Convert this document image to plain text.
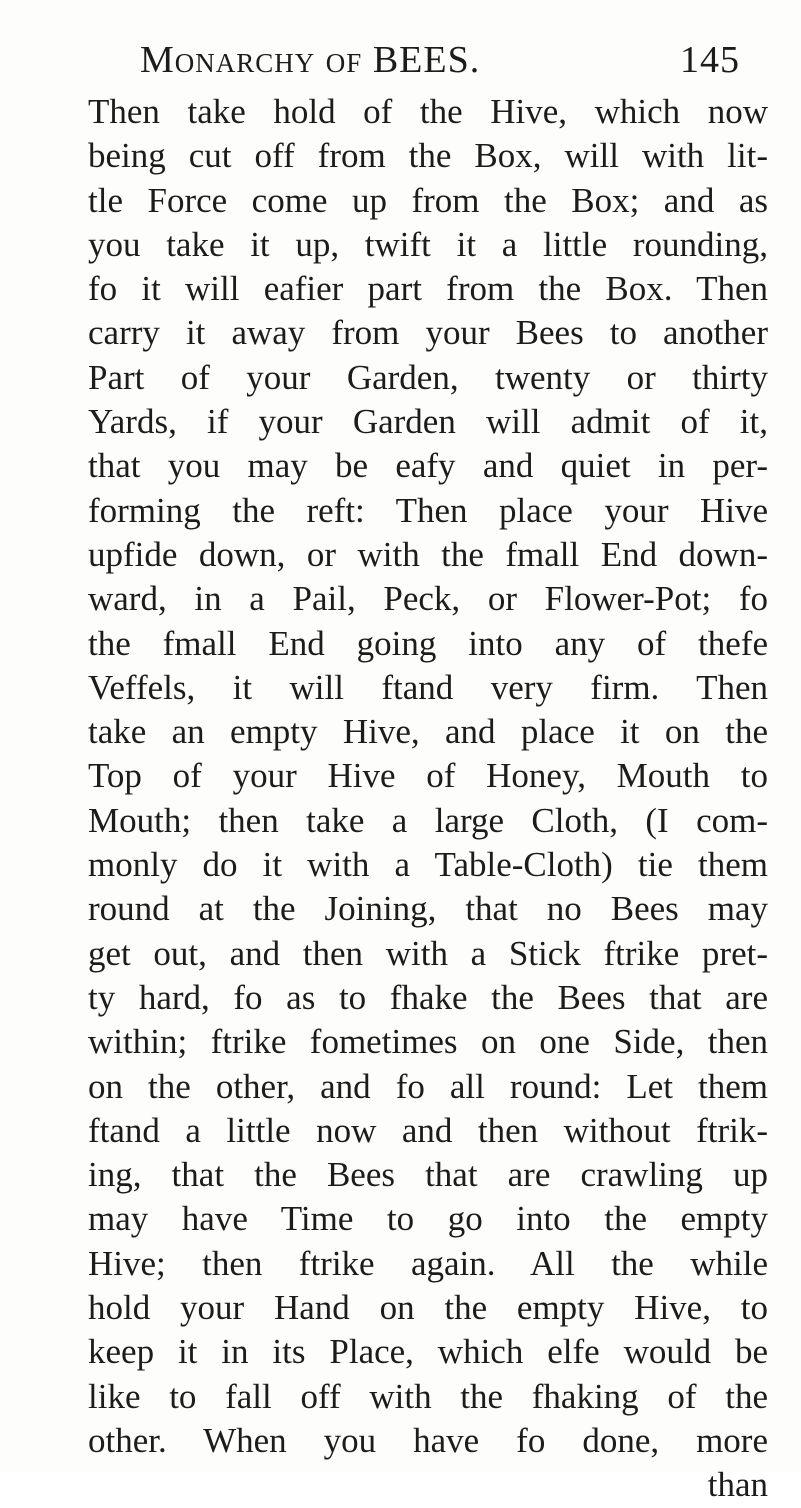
Monarchy of BEES.	145
Then take hold of the Hive, which now
being cut off from the Box, will with lit-
tle Force come up from the Box; and as
you take it up, twift it a little rounding,
fo it will eafier part from the Box. Then
carry it away from your Bees to another
Part of your Garden, twenty or thirty
Yards, if your Garden will admit of it,
that you may be eafy and quiet in per-
forming the reft: Then place your Hive
upfide down, or with the fmall End down-
ward, in a Pail, Peck, or Flower-Pot; fo
the fmall End going into any of thefe
Veffels, it will ftand very firm. Then
take an empty Hive, and place it on the
Top of your Hive of Honey, Mouth to
Mouth; then take a large Cloth, (I com-
monly do it with a Table-Cloth) tie them
round at the Joining, that no Bees may
get out, and then with a Stick ftrike pret-
ty hard, fo as to fhake the Bees that are
within; ftrike fometimes on one Side, then
on the other, and fo all round: Let them
ftand a little now and then without ftrik-
ing, that the Bees that are crawling up
may have Time to go into the empty
Hive; then ftrike again. All the while
hold your Hand on the empty Hive, to
keep it in its Place, which elfe would be
like to fall off with the fhaking of the
other. When you have fo done, more
than
